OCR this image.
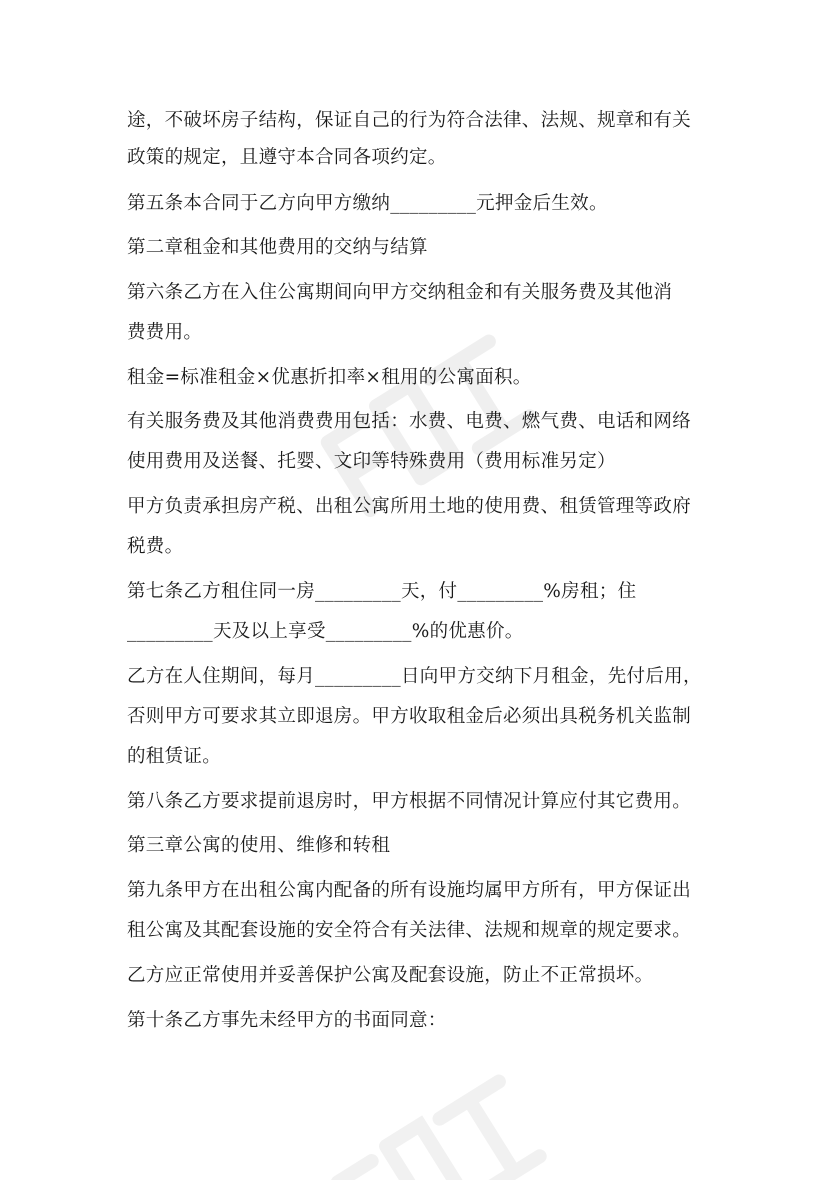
途，不破坏房子结构，保证自己的行为符合法律、法规、规章和有关
政策的规定，且遵守本合同各项约定。
第五条本合同于乙方向甲方缴纳_________元押金后生效。
第二章租金和其他费用的交纳与结算
第六条乙方在入住公寓期间向甲方交纳租金和有关服务费及其他消
费费用。
租金=标准租金×优惠折扣率×租用的公寓面积。
有关服务费及其他消费费用包括：水费、电费、燃气费、电话和网络
使用费用及送餐、托婴、文印等特殊费用（费用标准另定）
甲方负责承担房产税、出租公寓所用土地的使用费、租赁管理等政府
税费。
第七条乙方租住同一房_________天，付_________%房租；住
_________天及以上享受_________%的优惠价。
乙方在人住期间，每月_________日向甲方交纳下月租金，先付后用，
否则甲方可要求其立即退房。甲方收取租金后必须出具税务机关监制
的租赁证。
第八条乙方要求提前退房时，甲方根据不同情况计算应付其它费用。
第三章公寓的使用、维修和转租
第九条甲方在出租公寓内配备的所有设施均属甲方所有，甲方保证出
租公寓及其配套设施的安全符合有关法律、法规和规章的规定要求。
乙方应正常使用并妥善保护公寓及配套设施，防止不正常损坏。
第十条乙方事先未经甲方的书面同意：
